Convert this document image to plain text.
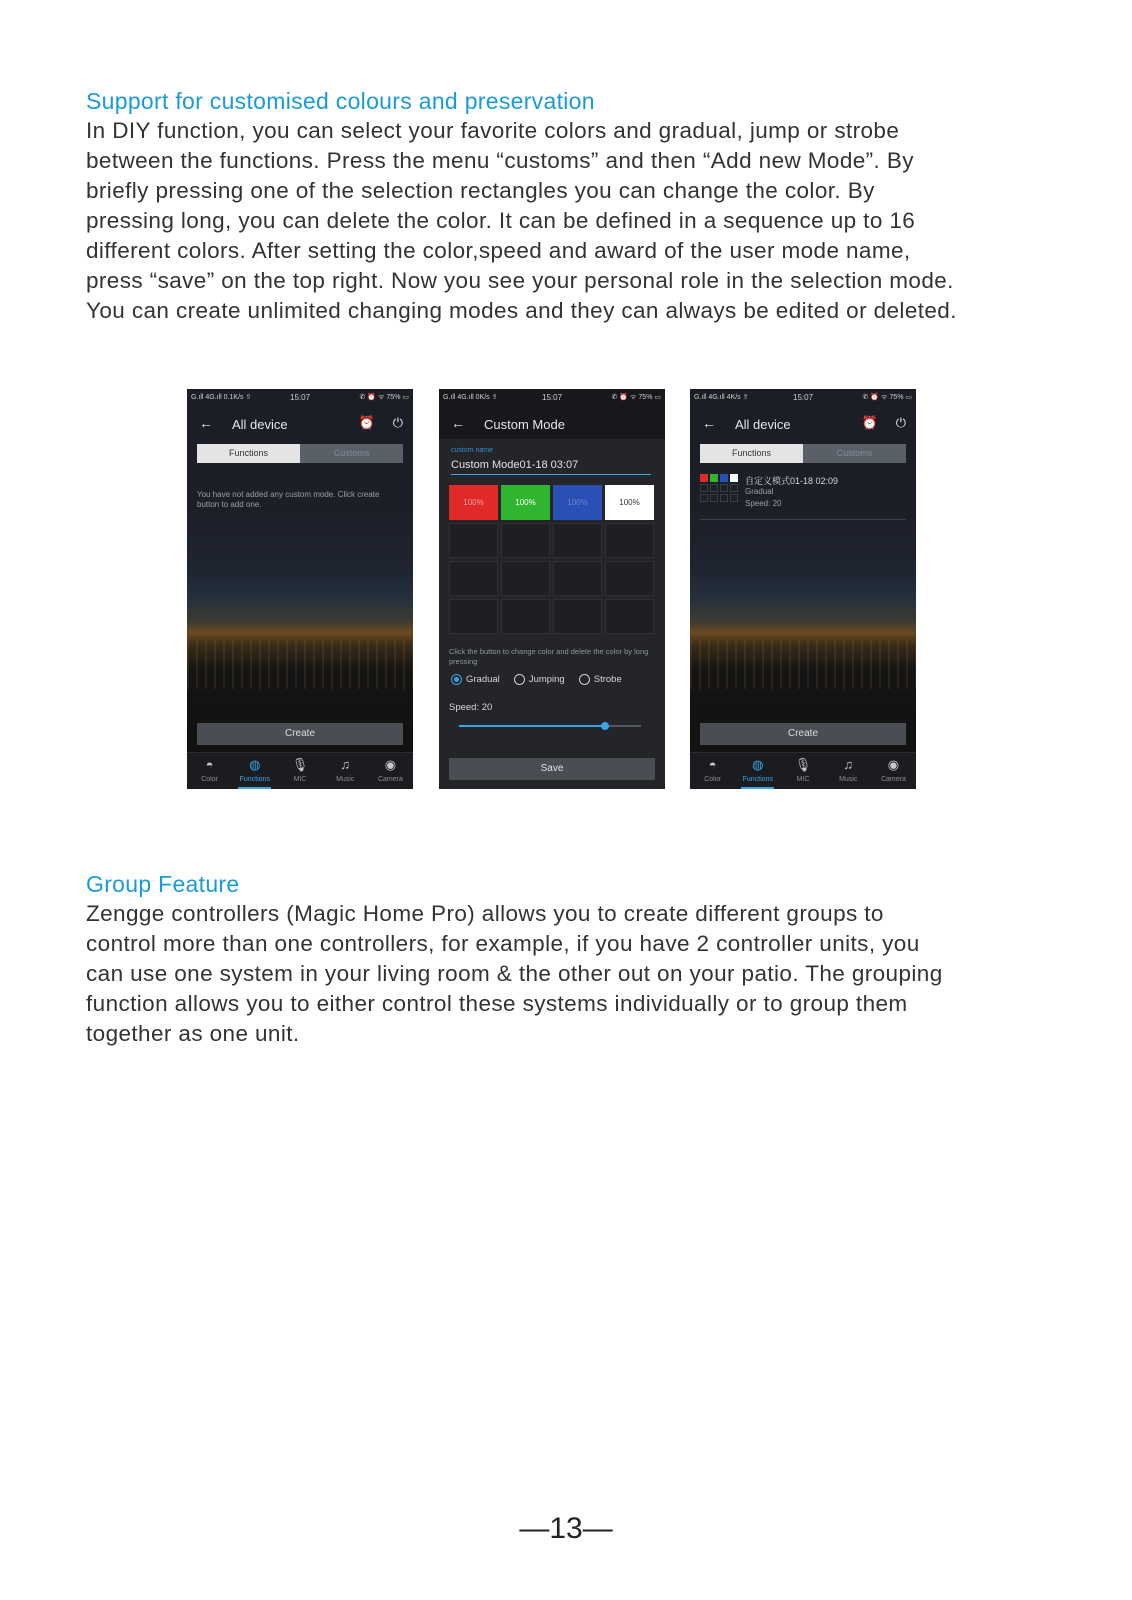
Support for customised colours and preservation

In DIY function, you can select your favorite colors and gradual, jump or strobe

between the functions. Press the menu “customs” and then “Add new Mode”. By

briefly pressing one of the selection rectangles you can change the color. By

pressing long, you can delete the color. It can be defined in a sequence up to 16

different colors. After setting the color,speed and award of the user mode name,

press “save” on the top right. Now you see your personal role in the selection mode.

You can create unlimited changing modes and they can always be edited or deleted.

G.ıll 4G.ıll 0.1K/s ⇪	15:07	✆ ⏰ ᯤ 75% ▭
← All device	⏰ ⏻
Functions	Customs
You have not added any custom mode. Click create button to add one.
Create
◓
Color
◍
Functions
🎙
MIC
♫
Music
◉
Camera
G.ıll 4G.ıll 0K/s ⇪	15:07	✆ ⏰ ᯤ 75% ▭
← Custom Mode
custom name
Custom Mode01-18 03:07
100%	100%	100%	100%
Click the button to change color and delete the color by long pressing
Gradual	Jumping	Strobe
Speed: 20
Save
G.ıll 4G.ıll 4K/s ⇪	15:07	✆ ⏰ ᯤ 75% ▭
← All device	⏰ ⏻
Functions	Customs
自定义模式01-18 02:09
Gradual
Speed: 20
Create
◓
Color
◍
Functions
🎙
MIC
♫
Music
◉
Camera
Group Feature

Zengge controllers (Magic Home Pro) allows you to create different groups to

control more than one controllers, for example, if you have 2 controller units, you

can use one system in your living room & the other out on your patio. The grouping

function allows you to either control these systems individually or to group them

together as one unit.

—13—
